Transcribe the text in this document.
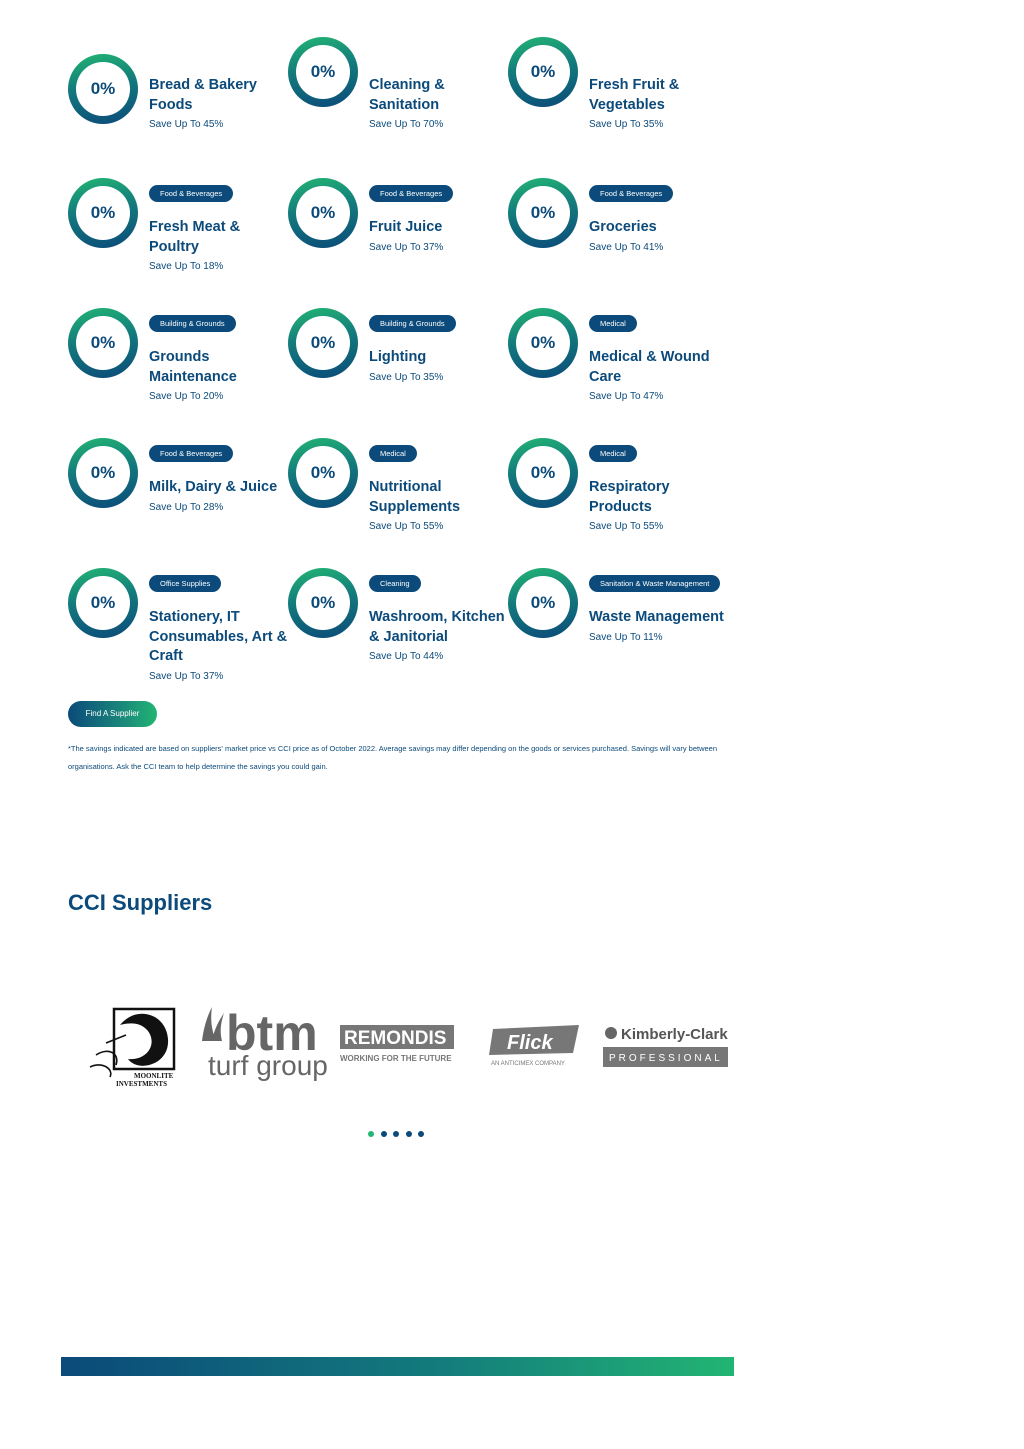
0%	Bread & Bakery Foods
Save Up To 45%
0%
Cleaning & Sanitation
Save Up To 70%
0%
Fresh Fruit & Vegetables
Save Up To 35%
0%
Food & Beverages
Fresh Meat & Poultry
Save Up To 18%
0%
Food & Beverages
Fruit Juice
Save Up To 37%
0%
Food & Beverages
Groceries
Save Up To 41%
0%
Building & Grounds
Grounds Maintenance
Save Up To 20%
0%
Building & Grounds
Lighting
Save Up To 35%
0%
Medical
Medical & Wound Care
Save Up To 47%
0%
Food & Beverages
Milk, Dairy & Juice
Save Up To 28%
0%
Medical
Nutritional Supplements
Save Up To 55%
0%
Medical
Respiratory Products
Save Up To 55%
0%
Office Supplies
Stationery, IT Consumables, Art & Craft
Save Up To 37%
0%
Cleaning
Washroom, Kitchen & Janitorial
Save Up To 44%
0%
Sanitation & Waste Management
Waste Management
Save Up To 11%
Find A Supplier
*The savings indicated are based on suppliers' market price vs CCI price as of October 2022. Average savings may differ depending on the goods or services purchased. Savings will vary between organisations. Ask the CCI team to help determine the savings you could gain.
CCI Suppliers
MOONLITE
INVESTMENTS
btm
turf group
REMONDIS
WORKING FOR THE FUTURE
Flick
AN ANTICIMEX COMPANY
Kimberly-Clark
PROFESSIONAL
